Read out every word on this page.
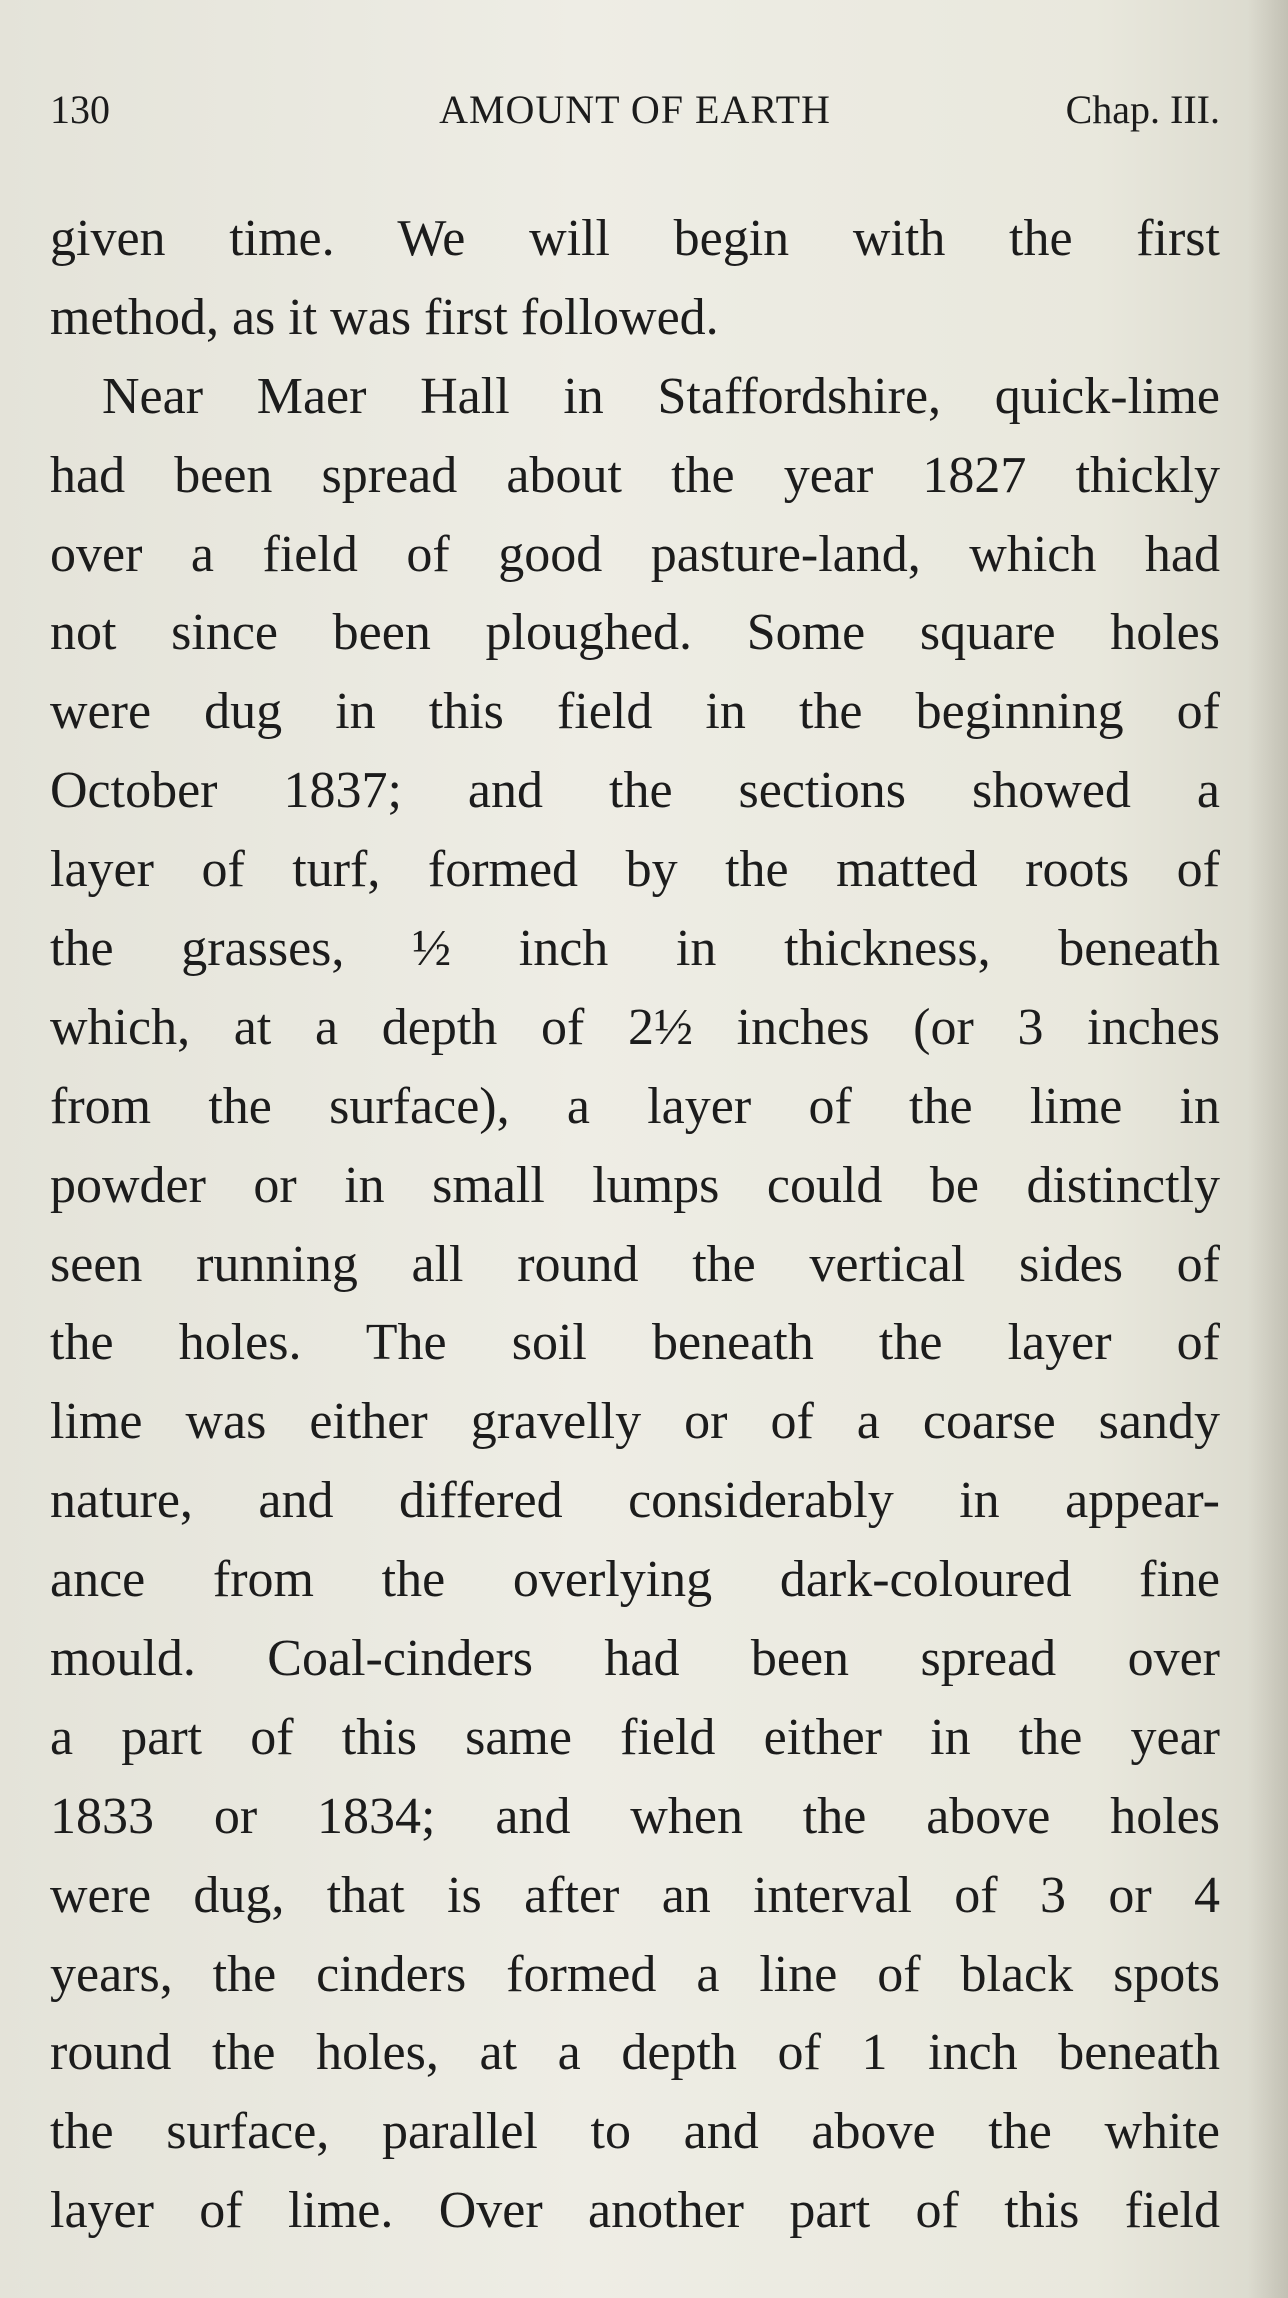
130	AMOUNT OF EARTH	Chap. III.
given time. We will begin with the first
method, as it was first followed.
Near Maer Hall in Staffordshire, quick-lime
had been spread about the year 1827 thickly
over a field of good pasture-land, which had
not since been ploughed. Some square holes
were dug in this field in the beginning of
October 1837; and the sections showed a
layer of turf, formed by the matted roots of
the grasses, ½ inch in thickness, beneath
which, at a depth of 2½ inches (or 3 inches
from the surface), a layer of the lime in
powder or in small lumps could be distinctly
seen running all round the vertical sides of
the holes. The soil beneath the layer of
lime was either gravelly or of a coarse sandy
nature, and differed considerably in appear-
ance from the overlying dark-coloured fine
mould. Coal-cinders had been spread over
a part of this same field either in the year
1833 or 1834; and when the above holes
were dug, that is after an interval of 3 or 4
years, the cinders formed a line of black spots
round the holes, at a depth of 1 inch beneath
the surface, parallel to and above the white
layer of lime. Over another part of this field
